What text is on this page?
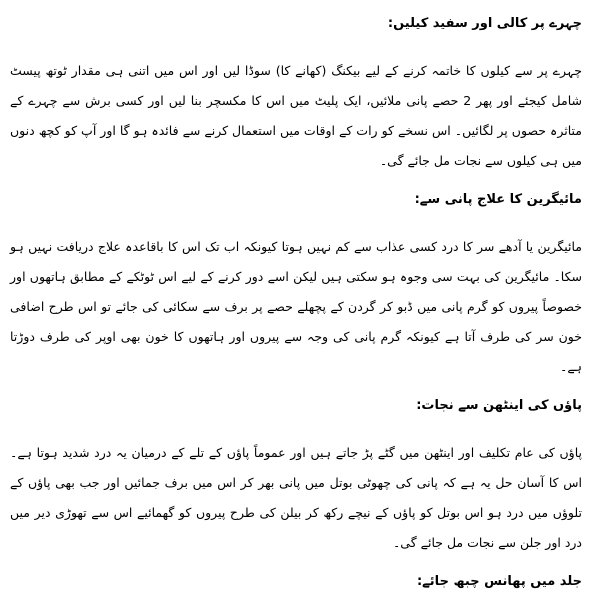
چہرے پر کالی اور سفید کیلیں:

چہرے پر سے کیلوں کا خاتمہ کرنے کے لیے بیکنگ (کھانے کا) سوڈا لیں اور اس میں اتنی ہی مقدار ٹوتھ پیسٹ شامل کیجئے اور پھر 2 حصے پانی ملائیں، ایک پلیٹ میں اس کا مکسچر بنا لیں اور کسی برش سے چہرے کے متاثرہ حصوں پر لگائیں۔ اس نسخے کو رات کے اوقات میں استعمال کرنے سے فائدہ ہو گا اور آپ کو کچھ دنوں میں ہی کیلوں سے نجات مل جائے گی۔

مائیگرین کا علاج پانی سے:

مائیگرین یا آدھے سر کا درد کسی عذاب سے کم نہیں ہوتا کیونکہ اب تک اس کا باقاعدہ علاج دریافت نہیں ہو سکا۔ مائیگرین کی بہت سی وجوہ ہو سکتی ہیں لیکن اسے دور کرنے کے لیے اس ٹوٹکے کے مطابق ہاتھوں اور خصوصاً پیروں کو گرم پانی میں ڈبو کر گردن کے پچھلے حصے پر برف سے سکائی کی جائے تو اس طرح اضافی خون سر کی طرف آتا ہے کیونکہ گرم پانی کی وجہ سے پیروں اور ہاتھوں کا خون بھی اوپر کی طرف دوڑتا ہے۔

پاؤں کی اینٹھن سے نجات:

پاؤں کی عام تکلیف اور اینٹھن میں گٹے پڑ جاتے ہیں اور عموماً پاؤں کے تلے کے درمیان یہ درد شدید ہوتا ہے۔ اس کا آسان حل یہ ہے کہ پانی کی چھوٹی بوتل میں پانی بھر کر اس میں برف جمائیں اور جب بھی پاؤں کے تلوؤں میں درد ہو اس بوتل کو پاؤں کے نیچے رکھ کر بیلن کی طرح پیروں کو گھمائیے اس سے تھوڑی دیر میں درد اور جلن سے نجات مل جائے گی۔

جلد میں پھانس چبھ جائے:
